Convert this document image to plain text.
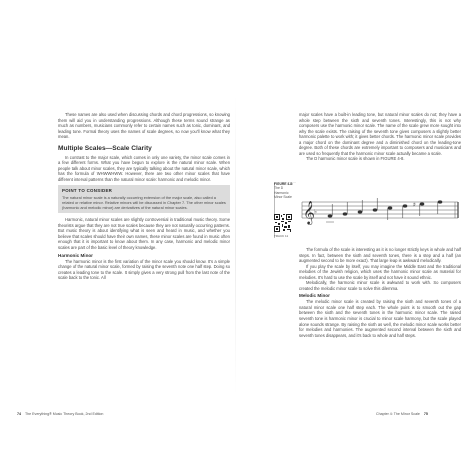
These names are also used when discussing chords and chord progressions, so knowing them will aid you in understanding progressions. Although these terms sound strange as much as numbers, musicians commonly refer to certain names such as tonic, dominant, and leading tone. Formal theory uses the names of scale degrees, so now you'll know what they mean.

Multiple Scales—Scale Clarity

In contrast to the major scale, which comes in only one variety, the minor scale comes in a few different forms. What you have begun to explore is the natural minor scale. When people talk about minor scales, they are typically talking about the natural minor scale, which has the formula of WHWWHWW. However, there are two other minor scales that have different interval patterns than the natural minor scale: harmonic and melodic minor.

POINT TO CONSIDER
The natural minor scale is a naturally occurring extension of the major scale, also called a related or relative minor. Relative minors will be discussed in Chapter 7. The other minor scales (harmonic and melodic minor) are derivatives of the natural minor scales.

Harmonic, natural minor scales are slightly controversial in traditional music theory. Some theorists argue that they are not true scales because they are not naturally occurring patterns. But music theory is about identifying what is seen and heard in music, and whether you believe that scales should have their own names, these minor scales are found in music often enough that it is important to know about them. In any case, harmonic and melodic minor scales are part of the basic level of theory knowledge.

Harmonic Minor

The harmonic minor is the first variation of the minor scale you should know. It's a simple change of the natural minor scale, formed by raising the seventh note one half step. Doing so creates a leading tone to the scale. It simply gives a very strong pull from the last note of the scale back to the tonic. All

major scales have a built-in leading tone, but natural minor scales do not; they have a whole step between the sixth and seventh tones. Interestingly, this is not why composers use the harmonic minor scale. The name of the scale grew more sought into why the scale exists. The raising of the seventh tone gives composers a slightly better harmonic palette to work with; it gives better chords. The harmonic minor scale provides a major chord on the dominant degree and a diminished chord on the leading-tone degree. Both of these chords are extremely important to composers and musicians and are used so frequently that the harmonic minor scale actually became a scale.

The D harmonic minor scale is shown in FIGURE 4-8.

FIGURE 4-8:
The D
Harmonic
Minor Scale
TRACK 11
𝄞 ♭
♯

The formula of the scale is interesting as it is no longer strictly keys in whole and half steps. In fact, between the sixth and seventh tones, there is a step and a half (an augmented second to be more exact). That large leap is awkward melodically.

If you play the scale by itself, you may imagine the Middle East and the traditional melodies of the Jewish religion, which uses the harmonic minor scale as material for melodies. It's hard to use the scale by itself and not have it sound ethnic.

Melodically, the harmonic minor scale is awkward to work with. So composers created the melodic minor scale to solve this dilemma.

Melodic Minor

The melodic minor scale is created by raising the sixth and seventh tones of a natural minor scale one half step each. The whole point is to smooth out the gap between the sixth and the seventh tones in the harmonic minor scale. The raised seventh tone is harmonic minor is crucial to minor scale harmony, but the scale played alone sounds strange. By raising the sixth as well, the melodic minor scale works better for melodies and harmonies. The augmented second interval between the sixth and seventh tones disappears, and it's back to whole and half steps.

74 The Everything® Music Theory Book, 2nd Edition	Chapter 4: The Minor Scale 75
